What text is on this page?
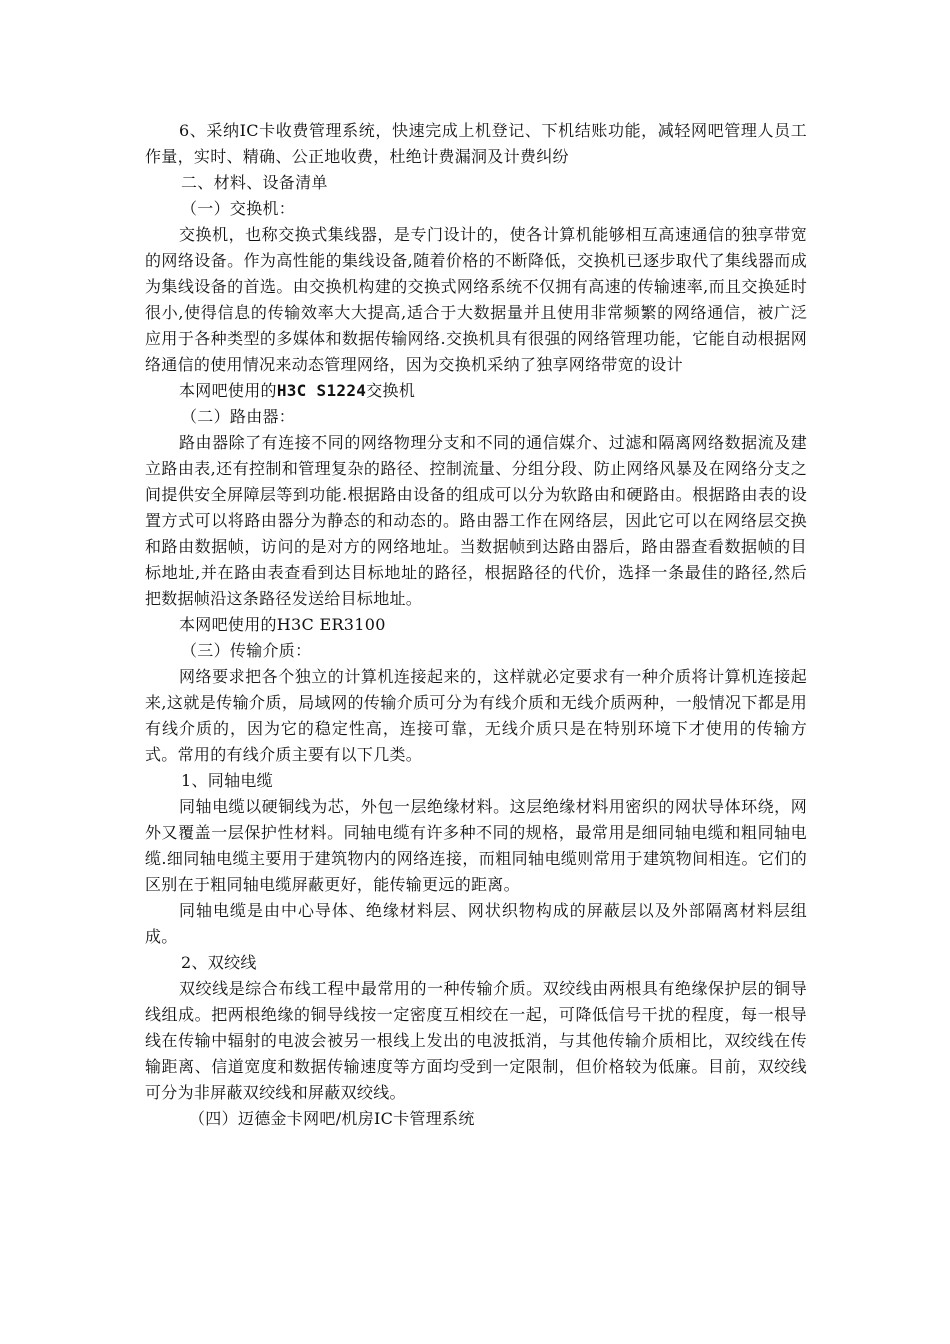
6、采纳IC卡收费管理系统，快速完成上机登记、下机结账功能，减轻网吧管理人员工作量，实时、精确、公正地收费，杜绝计费漏洞及计费纠纷

二、材料、设备清单

（一）交换机：

交换机，也称交换式集线器，是专门设计的，使各计算机能够相互高速通信的独享带宽的网络设备。作为高性能的集线设备,随着价格的不断降低，交换机已逐步取代了集线器而成为集线设备的首选。由交换机构建的交换式网络系统不仅拥有高速的传输速率,而且交换延时很小,使得信息的传输效率大大提高,适合于大数据量并且使用非常频繁的网络通信，被广泛应用于各种类型的多媒体和数据传输网络.交换机具有很强的网络管理功能，它能自动根据网络通信的使用情况来动态管理网络，因为交换机采纳了独享网络带宽的设计

本网吧使用的H3C S1224交换机

（二）路由器：

路由器除了有连接不同的网络物理分支和不同的通信媒介、过滤和隔离网络数据流及建立路由表,还有控制和管理复杂的路径、控制流量、分组分段、防止网络风暴及在网络分支之间提供安全屏障层等到功能.根据路由设备的组成可以分为软路由和硬路由。根据路由表的设置方式可以将路由器分为静态的和动态的。路由器工作在网络层，因此它可以在网络层交换和路由数据帧，访问的是对方的网络地址。当数据帧到达路由器后，路由器查看数据帧的目标地址,并在路由表查看到达目标地址的路径，根据路径的代价，选择一条最佳的路径,然后把数据帧沿这条路径发送给目标地址。

本网吧使用的H3C ER3100

（三）传输介质：

网络要求把各个独立的计算机连接起来的，这样就必定要求有一种介质将计算机连接起来,这就是传输介质，局域网的传输介质可分为有线介质和无线介质两种，一般情况下都是用有线介质的，因为它的稳定性高，连接可靠，无线介质只是在特别环境下才使用的传输方式。常用的有线介质主要有以下几类。

1、同轴电缆

同轴电缆以硬铜线为芯，外包一层绝缘材料。这层绝缘材料用密织的网状导体环绕，网外又覆盖一层保护性材料。同轴电缆有许多种不同的规格，最常用是细同轴电缆和粗同轴电缆.细同轴电缆主要用于建筑物内的网络连接，而粗同轴电缆则常用于建筑物间相连。它们的区别在于粗同轴电缆屏蔽更好，能传输更远的距离。

同轴电缆是由中心导体、绝缘材料层、网状织物构成的屏蔽层以及外部隔离材料层组成。

2、双绞线

双绞线是综合布线工程中最常用的一种传输介质。双绞线由两根具有绝缘保护层的铜导线组成。把两根绝缘的铜导线按一定密度互相绞在一起，可降低信号干扰的程度，每一根导线在传输中辐射的电波会被另一根线上发出的电波抵消，与其他传输介质相比，双绞线在传输距离、信道宽度和数据传输速度等方面均受到一定限制，但价格较为低廉。目前，双绞线可分为非屏蔽双绞线和屏蔽双绞线。

（四）迈德金卡网吧/机房IC卡管理系统
